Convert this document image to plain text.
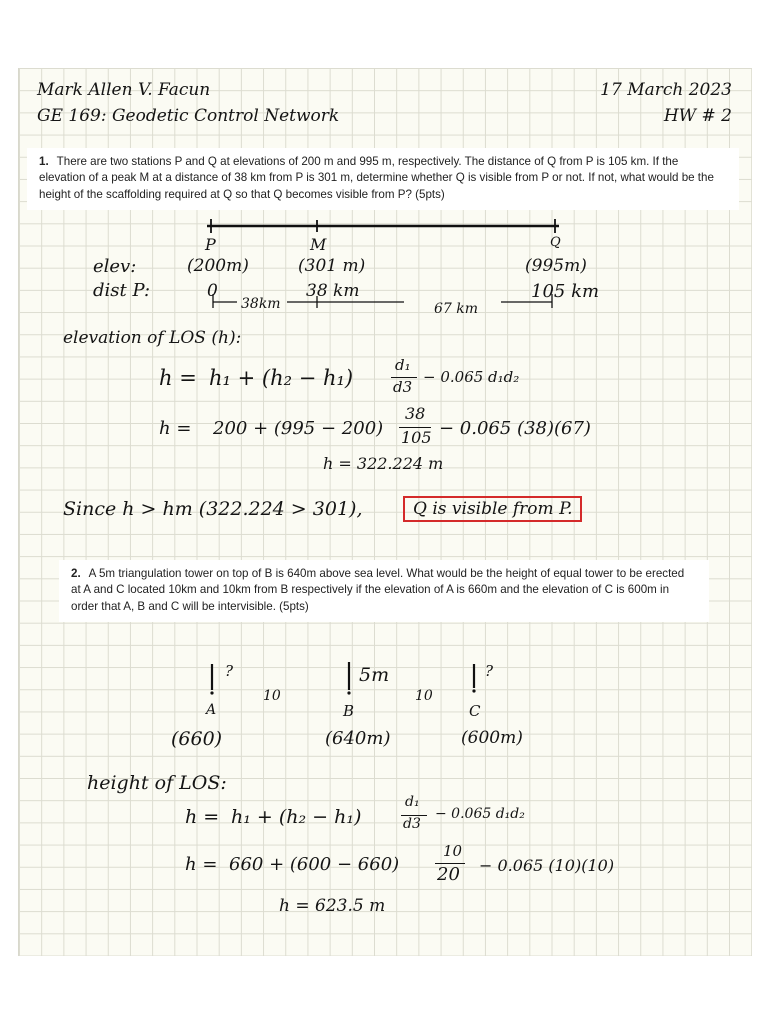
Mark Allen V. Facun
GE 169: Geodetic Control Network
17 March 2023
HW # 2
1. There are two stations P and Q at elevations of 200 m and 995 m, respectively. The distance of Q from P is 105 km. If the elevation of a peak M at a distance of 38 km from P is 301 m, determine whether Q is visible from P or not. If not, what would be the height of the scaffolding required at Q so that Q becomes visible from P? (5pts)
P	M	Q
elev:
dist P:
(200m)	(301 m)	(995m)
0	38 km	105 km
38km	67 km
elevation of LOS (h):
h = h₁ + (h₂ − h₁)
d₁
d3
− 0.065 d₁d₂
h = 200 + (995 − 200)
38
105 − 0.065 (38)(67)
h = 322.224 m
Since h > hm (322.224 > 301),	Q is visible from P.
2. A 5m triangulation tower on top of B is 640m above sea level. What would be the height of equal tower to be erected at A and C located 10km and 10km from B respectively if the elevation of A is 660m and the elevation of C is 600m in order that A, B and C will be intervisible. (5pts)
?	5m	?
A	B	C
10	10
(660)	(640m)	(600m)
height of LOS:
h = h₁ + (h₂ − h₁)
d₁
d3
− 0.065 d₁d₂
h = 660 + (600 − 660)
10
20 − 0.065 (10)(10)
h = 623.5 m
